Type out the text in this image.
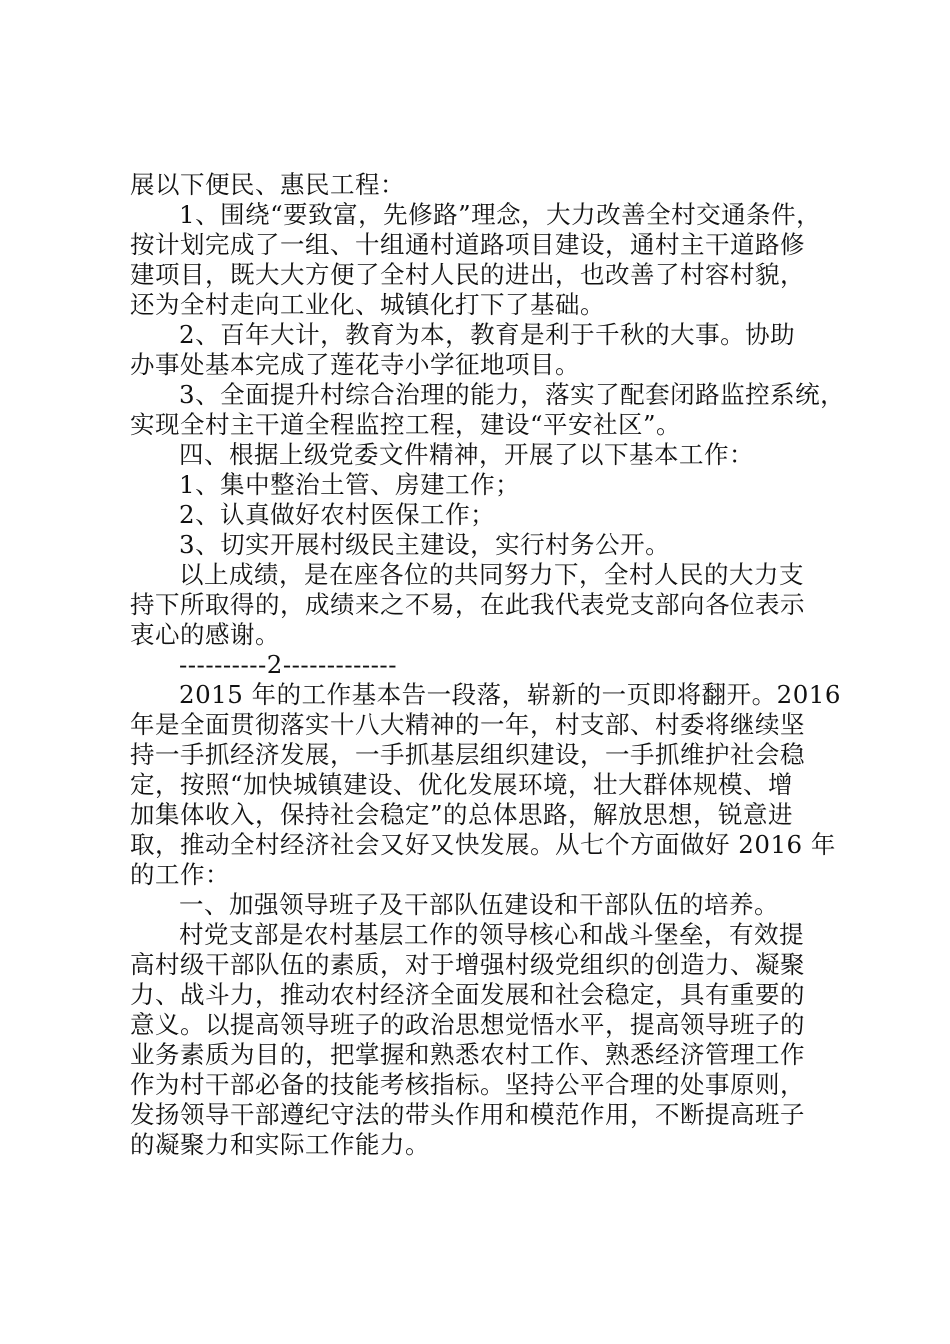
展以下便民、惠民工程：
1、围绕“要致富，先修路”理念，大力改善全村交通条件，
按计划完成了一组、十组通村道路项目建设，通村主干道路修
建项目，既大大方便了全村人民的进出，也改善了村容村貌，
还为全村走向工业化、城镇化打下了基础。
2、百年大计，教育为本，教育是利于千秋的大事。协助
办事处基本完成了莲花寺小学征地项目。
3、全面提升村综合治理的能力，落实了配套闭路监控系统，
实现全村主干道全程监控工程，建设“平安社区”。
四、根据上级党委文件精神，开展了以下基本工作：
1、集中整治土管、房建工作；
2、认真做好农村医保工作；
3、切实开展村级民主建设，实行村务公开。
以上成绩，是在座各位的共同努力下，全村人民的大力支
持下所取得的，成绩来之不易，在此我代表党支部向各位表示
衷心的感谢。
----------2-------------
2015 年的工作基本告一段落，崭新的一页即将翻开。2016
年是全面贯彻落实十八大精神的一年，村支部、村委将继续坚
持一手抓经济发展，一手抓基层组织建设，一手抓维护社会稳
定，按照“加快城镇建设、优化发展环境，壮大群体规模、增
加集体收入，保持社会稳定”的总体思路，解放思想，锐意进
取，推动全村经济社会又好又快发展。从七个方面做好 2016 年
的工作：
一、加强领导班子及干部队伍建设和干部队伍的培养。
村党支部是农村基层工作的领导核心和战斗堡垒，有效提
高村级干部队伍的素质，对于增强村级党组织的创造力、凝聚
力、战斗力，推动农村经济全面发展和社会稳定，具有重要的
意义。以提高领导班子的政治思想觉悟水平，提高领导班子的
业务素质为目的，把掌握和熟悉农村工作、熟悉经济管理工作
作为村干部必备的技能考核指标。坚持公平合理的处事原则，
发扬领导干部遵纪守法的带头作用和模范作用，不断提高班子
的凝聚力和实际工作能力。
